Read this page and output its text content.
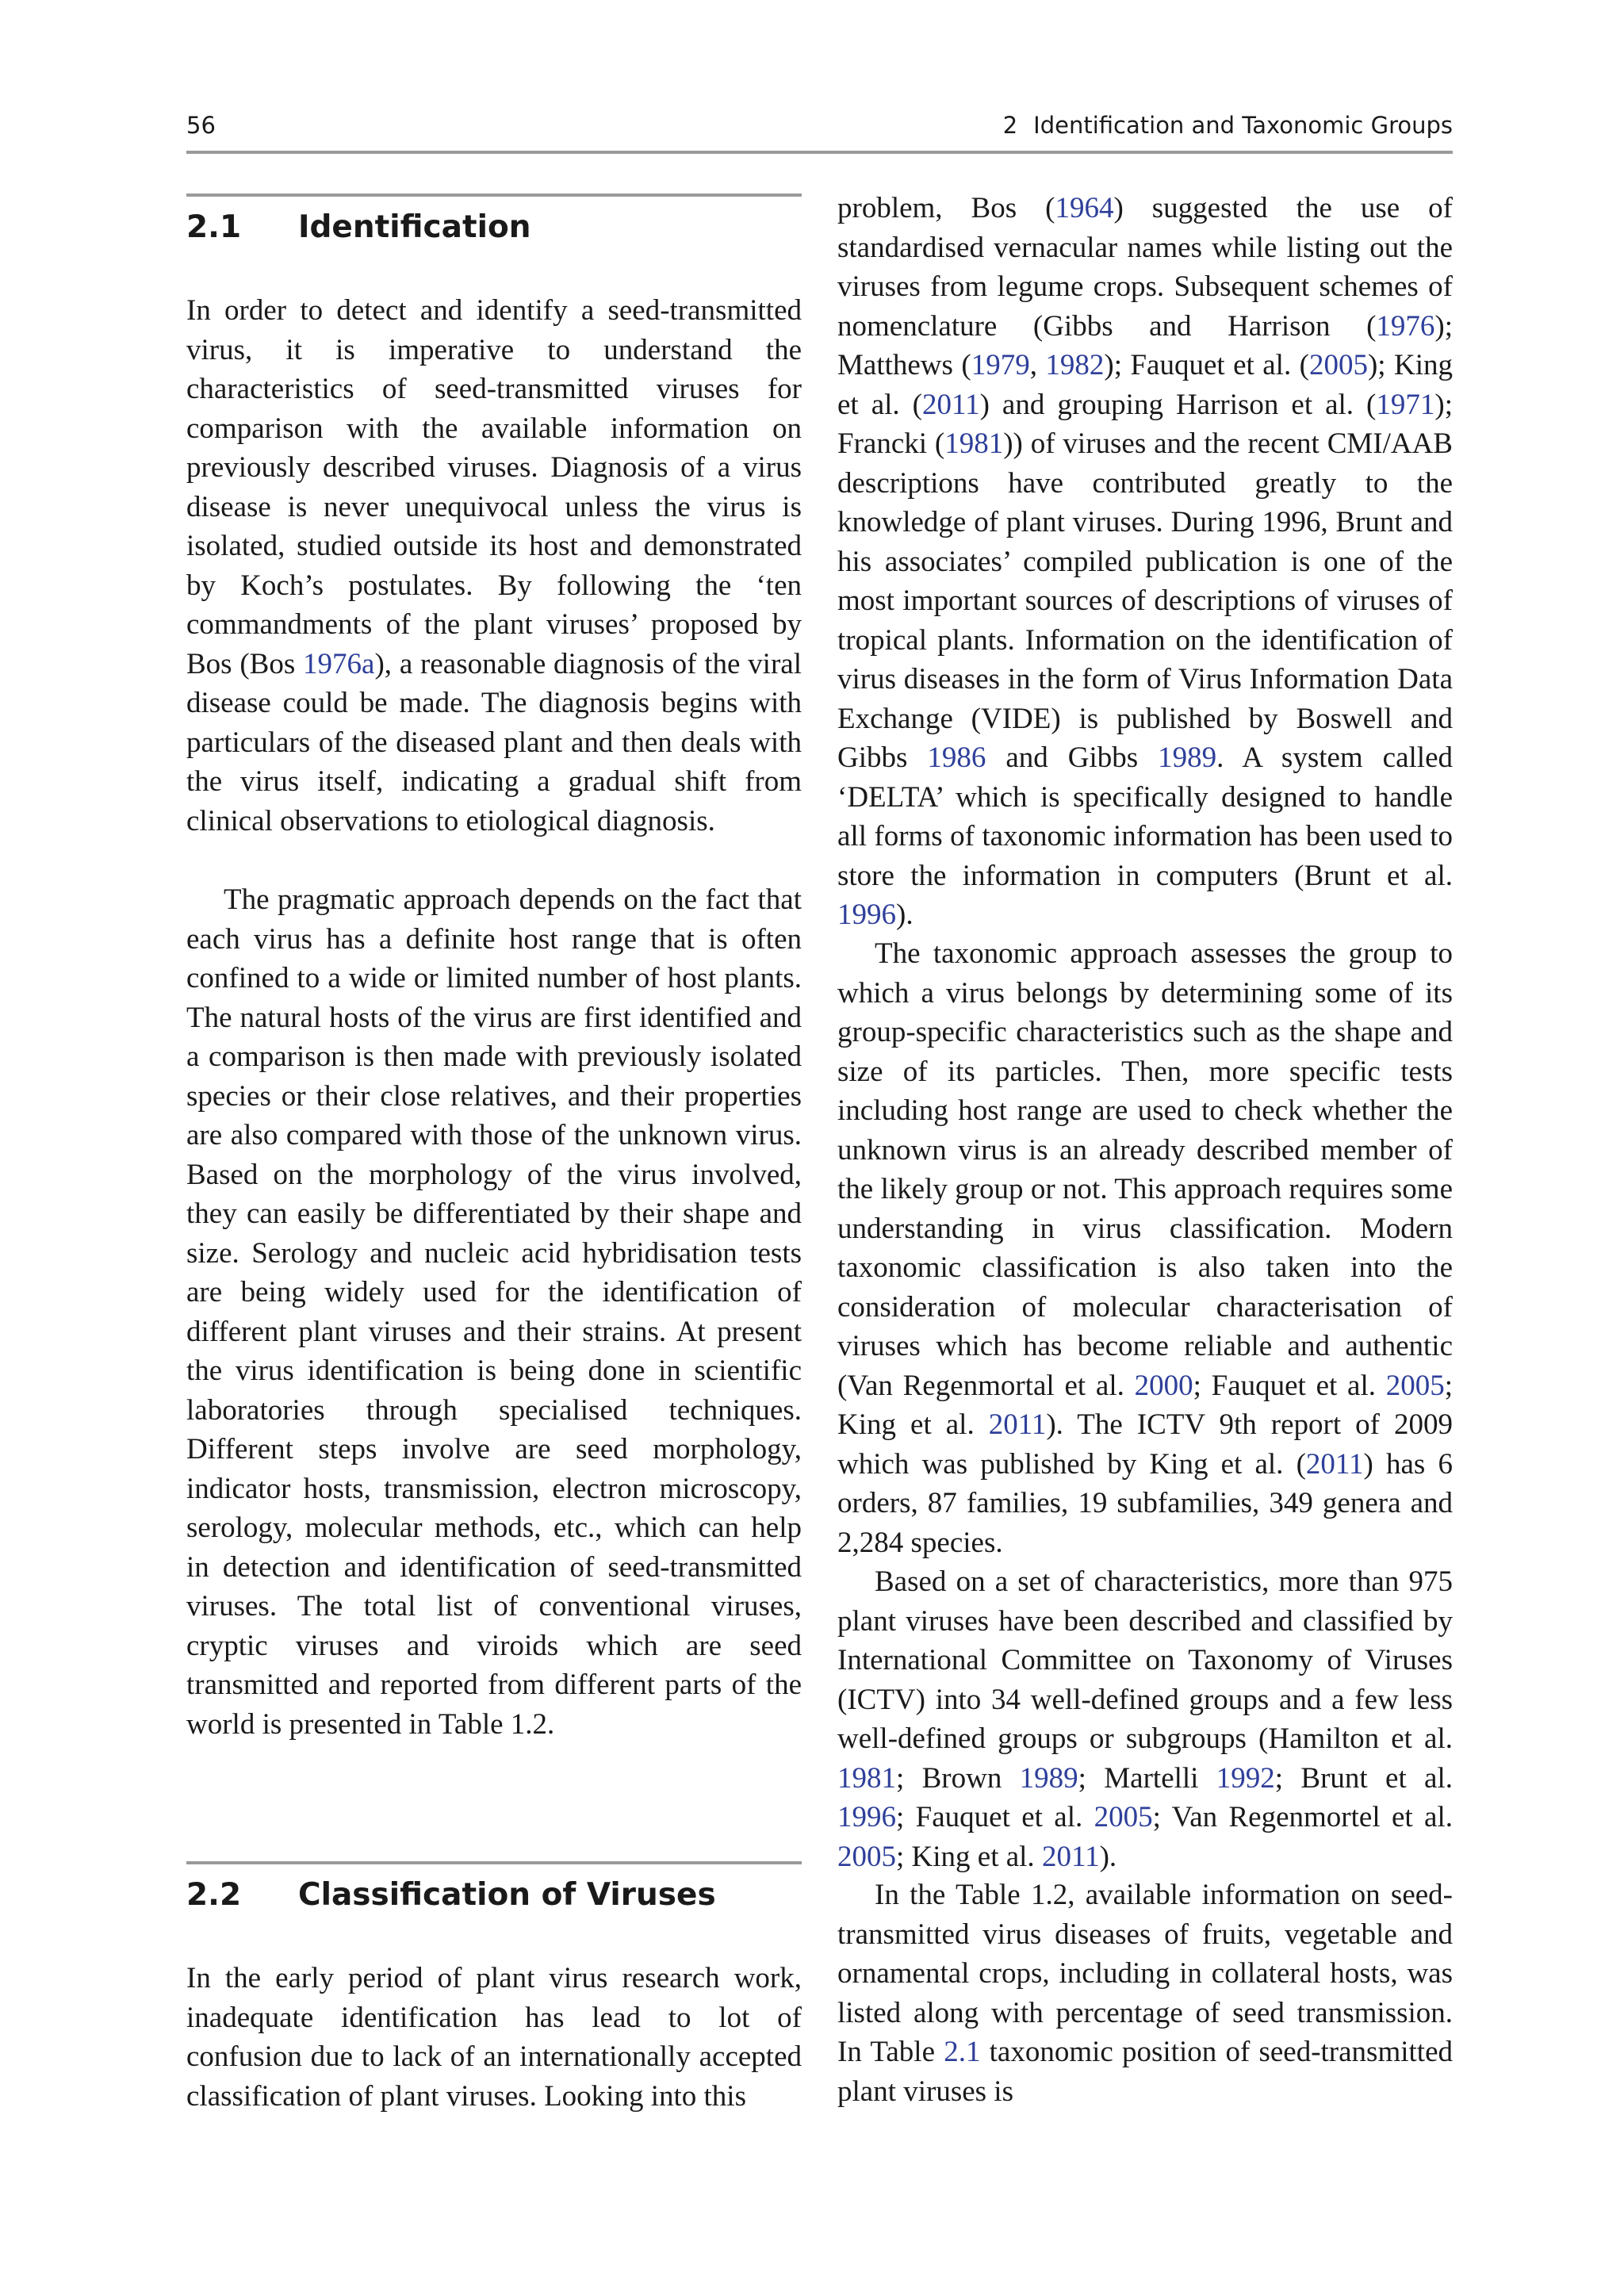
56	2 Identification and Taxonomic Groups
2.1 Identification

In order to detect and identify a seed-transmitted virus, it is imperative to understand the characteristics of seed-transmitted viruses for comparison with the available information on previously described viruses. Diagnosis of a virus disease is never unequivocal unless the virus is isolated, studied outside its host and demonstrated by Koch’s postulates. By following the ‘ten commandments of the plant viruses’ proposed by Bos (Bos 1976a), a reasonable diagnosis of the viral disease could be made. The diagnosis begins with particulars of the diseased plant and then deals with the virus itself, indicating a gradual shift from clinical observations to etiological diagnosis.

The pragmatic approach depends on the fact that each virus has a definite host range that is often confined to a wide or limited number of host plants. The natural hosts of the virus are first identified and a comparison is then made with previously isolated species or their close relatives, and their properties are also compared with those of the unknown virus. Based on the morphology of the virus involved, they can easily be differentiated by their shape and size. Serology and nucleic acid hybridisation tests are being widely used for the identification of different plant viruses and their strains. At present the virus identification is being done in scientific laboratories through specialised techniques. Different steps involve are seed morphology, indicator hosts, transmission, electron microscopy, serology, molecular methods, etc., which can help in detection and identification of seed-transmitted viruses. The total list of conventional viruses, cryptic viruses and viroids which are seed transmitted and reported from different parts of the world is presented in Table 1.2.

2.2 Classification of Viruses

In the early period of plant virus research work, inadequate identification has lead to lot of confusion due to lack of an internationally accepted classification of plant viruses. Looking into this

problem, Bos (1964) suggested the use of standardised vernacular names while listing out the viruses from legume crops. Subsequent schemes of nomenclature (Gibbs and Harrison (1976); Matthews (1979, 1982); Fauquet et al. (2005); King et al. (2011) and grouping Harrison et al. (1971); Francki (1981)) of viruses and the recent CMI/AAB descriptions have contributed greatly to the knowledge of plant viruses. During 1996, Brunt and his associates’ compiled publication is one of the most important sources of descriptions of viruses of tropical plants. Information on the identification of virus diseases in the form of Virus Information Data Exchange (VIDE) is published by Boswell and Gibbs 1986 and Gibbs 1989. A system called ‘DELTA’ which is specifically designed to handle all forms of taxonomic information has been used to store the information in computers (Brunt et al. 1996).

The taxonomic approach assesses the group to which a virus belongs by determining some of its group-specific characteristics such as the shape and size of its particles. Then, more specific tests including host range are used to check whether the unknown virus is an already described member of the likely group or not. This approach requires some understanding in virus classification. Modern taxonomic classification is also taken into the consideration of molecular characterisation of viruses which has become reliable and authentic (Van Regenmortal et al. 2000; Fauquet et al. 2005; King et al. 2011). The ICTV 9th report of 2009 which was published by King et al. (2011) has 6 orders, 87 families, 19 subfamilies, 349 genera and 2,284 species.

Based on a set of characteristics, more than 975 plant viruses have been described and classified by International Committee on Taxonomy of Viruses (ICTV) into 34 well-defined groups and a few less well-defined groups or subgroups (Hamilton et al. 1981; Brown 1989; Martelli 1992; Brunt et al. 1996; Fauquet et al. 2005; Van Regenmortel et al. 2005; King et al. 2011).

In the Table 1.2, available information on seed-transmitted virus diseases of fruits, vegetable and ornamental crops, including in collateral hosts, was listed along with percentage of seed transmission. In Table 2.1 taxonomic position of seed-transmitted plant viruses is
